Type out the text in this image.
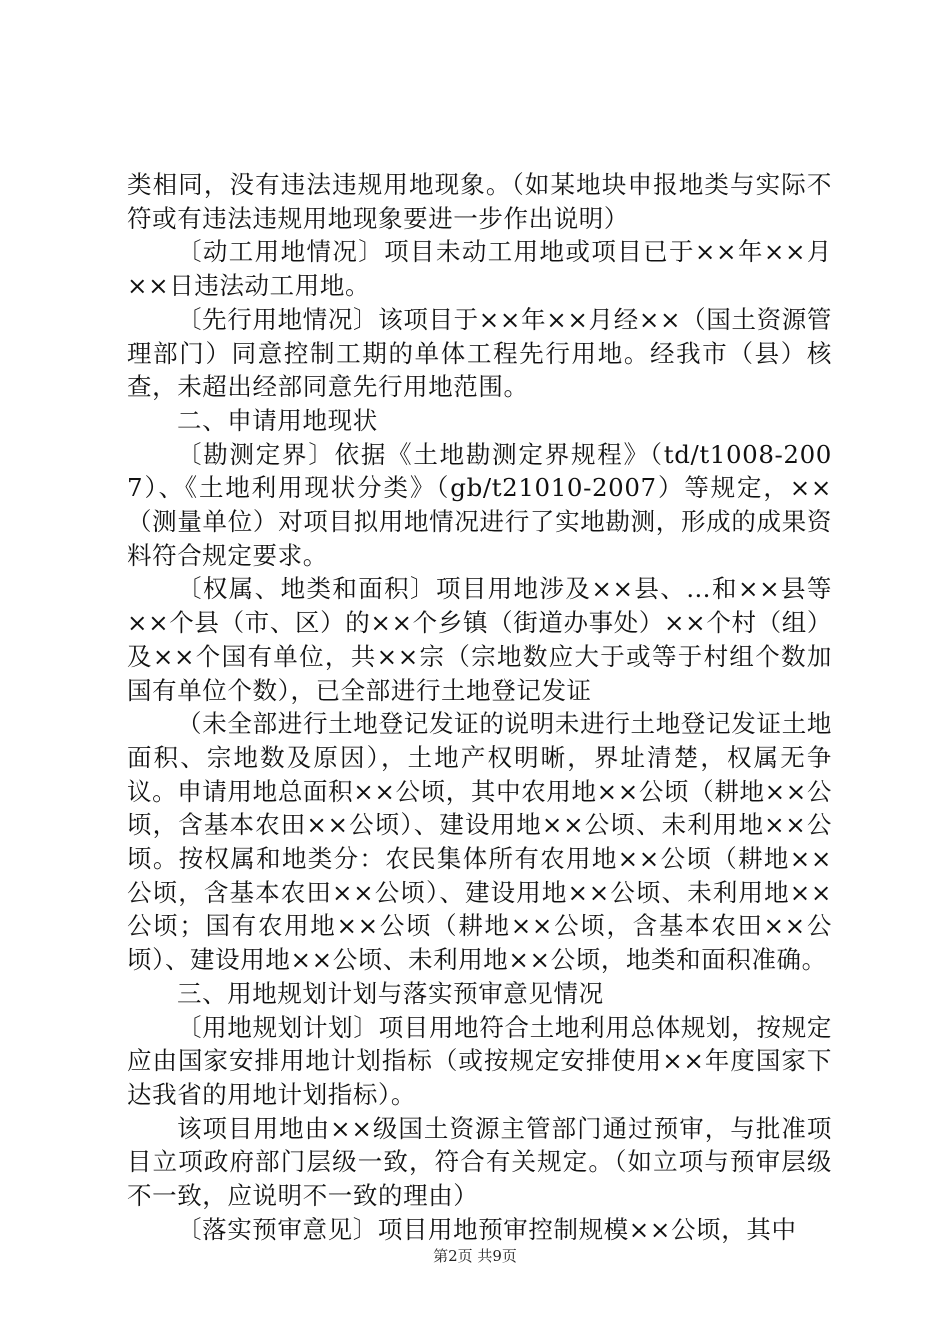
类相同，没有违法违规用地现象。（如某地块申报地类与实际不符或有违法违规用地现象要进一步作出说明）

〔动工用地情况〕项目未动工用地或项目已于××年××月××日违法动工用地。

〔先行用地情况〕该项目于××年××月经××（国土资源管理部门）同意控制工期的单体工程先行用地。经我市（县）核查，未超出经部同意先行用地范围。

二、申请用地现状

〔勘测定界〕依据《土地勘测定界规程》（td/t1008-2007）、《土地利用现状分类》（gb/t21010-2007）等规定，××（测量单位）对项目拟用地情况进行了实地勘测，形成的成果资料符合规定要求。

〔权属、地类和面积〕项目用地涉及××县、…和××县等××个县（市、区）的××个乡镇（街道办事处）××个村（组）及××个国有单位，共××宗（宗地数应大于或等于村组个数加国有单位个数），已全部进行土地登记发证

（未全部进行土地登记发证的说明未进行土地登记发证土地面积、宗地数及原因），土地产权明晰，界址清楚，权属无争议。申请用地总面积××公顷，其中农用地××公顷（耕地××公顷，含基本农田××公顷）、建设用地××公顷、未利用地××公顷。按权属和地类分：农民集体所有农用地××公顷（耕地××公顷，含基本农田××公顷）、建设用地××公顷、未利用地××公顷；国有农用地××公顷（耕地××公顷，含基本农田××公顷）、建设用地××公顷、未利用地××公顷，地类和面积准确。

三、用地规划计划与落实预审意见情况

〔用地规划计划〕项目用地符合土地利用总体规划，按规定应由国家安排用地计划指标（或按规定安排使用××年度国家下达我省的用地计划指标）。

该项目用地由××级国土资源主管部门通过预审，与批准项目立项政府部门层级一致，符合有关规定。（如立项与预审层级不一致，应说明不一致的理由）

〔落实预审意见〕项目用地预审控制规模××公顷，其中

第2页 共9页
